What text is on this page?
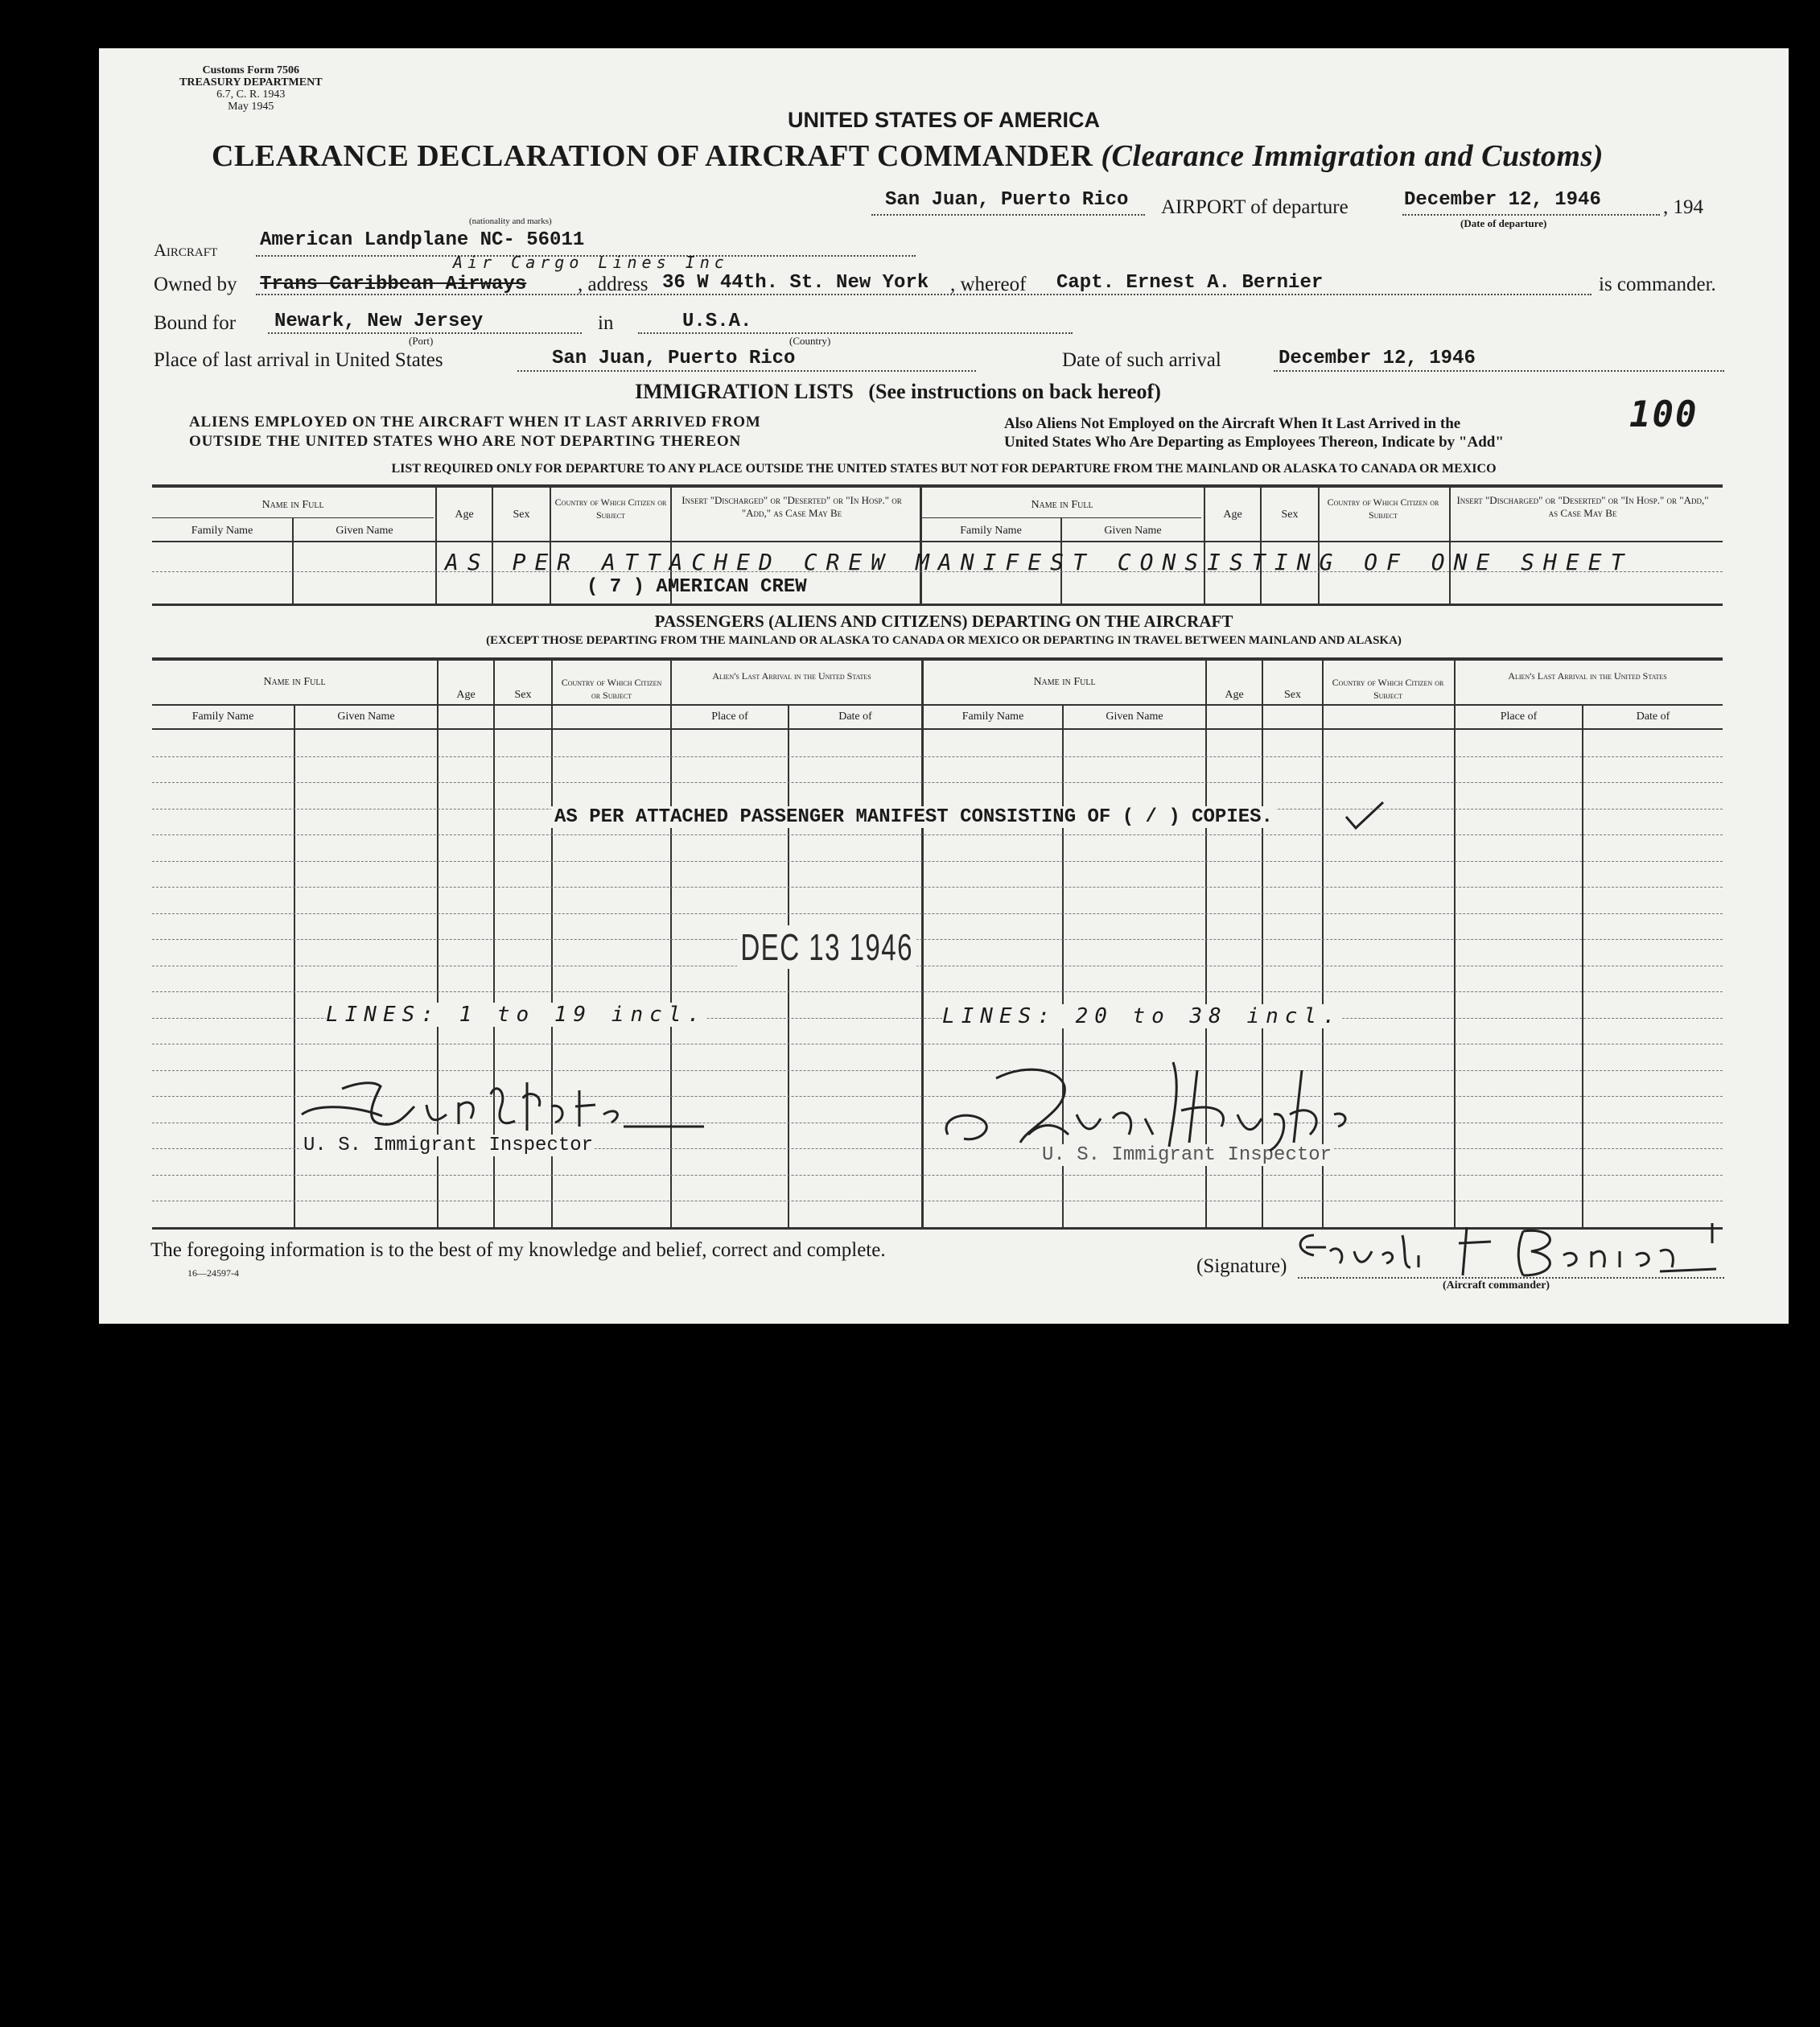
Customs Form 7506
TREASURY DEPARTMENT
6.7, C. R. 1943
May 1945
UNITED STATES OF AMERICA
CLEARANCE DECLARATION OF AIRCRAFT COMMANDER (Clearance Immigration and Customs)
San Juan, Puerto Rico AIRPORT of departure	December 12, 1946
(Date of departure)
, 194
Aircraft American Landplane NC- 56011
(nationality and marks)
Owned by Trans Caribbean Airways
Air Cargo Lines Inc
, address 36 W 44th. St. New York , whereof Capt. Ernest A. Bernier	is commander.
Bound for Newark, New Jersey
(Port)
in	U.S.A.
(Country)
Place of last arrival in United States	San Juan, Puerto Rico	Date of such arrival	December 12, 1946
IMMIGRATION LISTS (See instructions on back hereof)
ALIENS EMPLOYED ON THE AIRCRAFT WHEN IT LAST ARRIVED FROM
OUTSIDE THE UNITED STATES WHO ARE NOT DEPARTING THEREON
Also Aliens Not Employed on the Aircraft When It Last Arrived in the
United States Who Are Departing as Employees Thereon, Indicate by "Add"
100
LIST REQUIRED ONLY FOR DEPARTURE TO ANY PLACE OUTSIDE THE UNITED STATES BUT NOT FOR DEPARTURE FROM THE MAINLAND OR ALASKA TO CANADA OR MEXICO
Name in Full
Family Name	Given Name
Age	Sex
Country of Which Citizen or Subject
Insert "Discharged" or "Deserted" or "In Hosp." or "Add," as Case May Be
Name in Full
Family Name	Given Name
Age	Sex
Country of Which Citizen or Subject
Insert "Discharged" or "Deserted" or "In Hosp." or "Add," as Case May Be
AS PER ATTACHED CREW MANIFEST CONSISTING OF ONE SHEET
( 7 ) AMERICAN CREW
PASSENGERS (ALIENS AND CITIZENS) DEPARTING ON THE AIRCRAFT
(EXCEPT THOSE DEPARTING FROM THE MAINLAND OR ALASKA TO CANADA OR MEXICO OR DEPARTING IN TRAVEL BETWEEN MAINLAND AND ALASKA)
Name in Full
Family Name	Given Name
Age	Sex
Country of Which Citizen or Subject
Alien's Last Arrival in the United States
Place of	Date of
Name in Full
Family Name	Given Name
Age	Sex
Country of Which Citizen or Subject
Alien's Last Arrival in the United States
Place of	Date of
AS PER ATTACHED PASSENGER MANIFEST CONSISTING OF ( / ) COPIES.
DEC 13 1946
LINES: 1 to 19 incl.	LINES: 20 to 38 incl.
U. S. Immigrant Inspector	U. S. Immigrant Inspector
The foregoing information is to the best of my knowledge and belief, correct and complete.
16—24597-4	(Signature)
(Aircraft commander)
